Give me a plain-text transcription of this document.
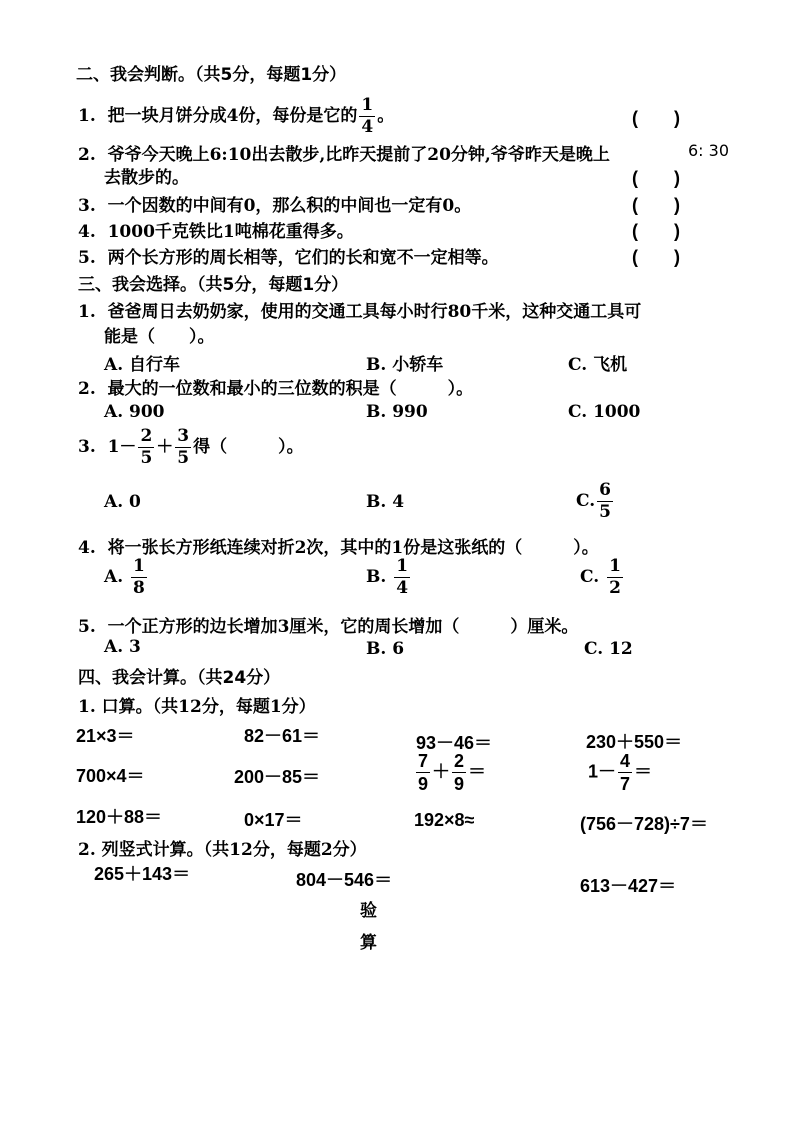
二、我会判断。（共5分，每题1分）
1. 把一块月饼分成4份，每份是它的 $\frac{1}{4}$ 。	(　　)
2. 爷爷今天晚上6:10出去散步,比昨天提前了20分钟,爷爷昨天是晚上	6: 30
去散步的。	(　　)
3. 一个因数的中间有0，那么积的中间也一定有0。	(　　)
4. 1000千克铁比1吨棉花重得多。	(　　)
5. 两个长方形的周长相等，它们的长和宽不一定相等。	(　　)
三、我会选择。（共5分，每题1分）
1. 爸爸周日去奶奶家，使用的交通工具每小时行80千米，这种交通工具可
能是（　　）。
A. 自行车	B. 小轿车	C. 飞机
2. 最大的一位数和最小的三位数的积是（　　　）。
A. 900	B. 990	C. 1000
3. $1- \frac{2}{5} + \frac{3}{5}$ 得（　　　）。
A. 0	B. 4	C. $\frac{6}{5}$
4. 将一张长方形纸连续对折2次，其中的1份是这张纸的（　　　）。
A. $\frac{1}{8}$	B. $\frac{1}{4}$	C. $\frac{1}{2}$
5. 一个正方形的边长增加3厘米，它的周长增加（　　　）厘米。
A. 3	B. 6	C. 12
四、我会计算。（共24分）
1. 口算。（共12分，每题1分）
21×3＝	82－61＝	93－46＝	230＋550＝
700×4＝	200－85＝	$\frac{7}{9} + \frac{2}{9}$ ＝	$1- \frac{4}{7}$ ＝
120＋88＝	0×17＝	192×8≈	(756－728)÷7＝
2. 列竖式计算。（共12分，每题2分）
265＋143＝	804－546＝	613－427＝
验
算
